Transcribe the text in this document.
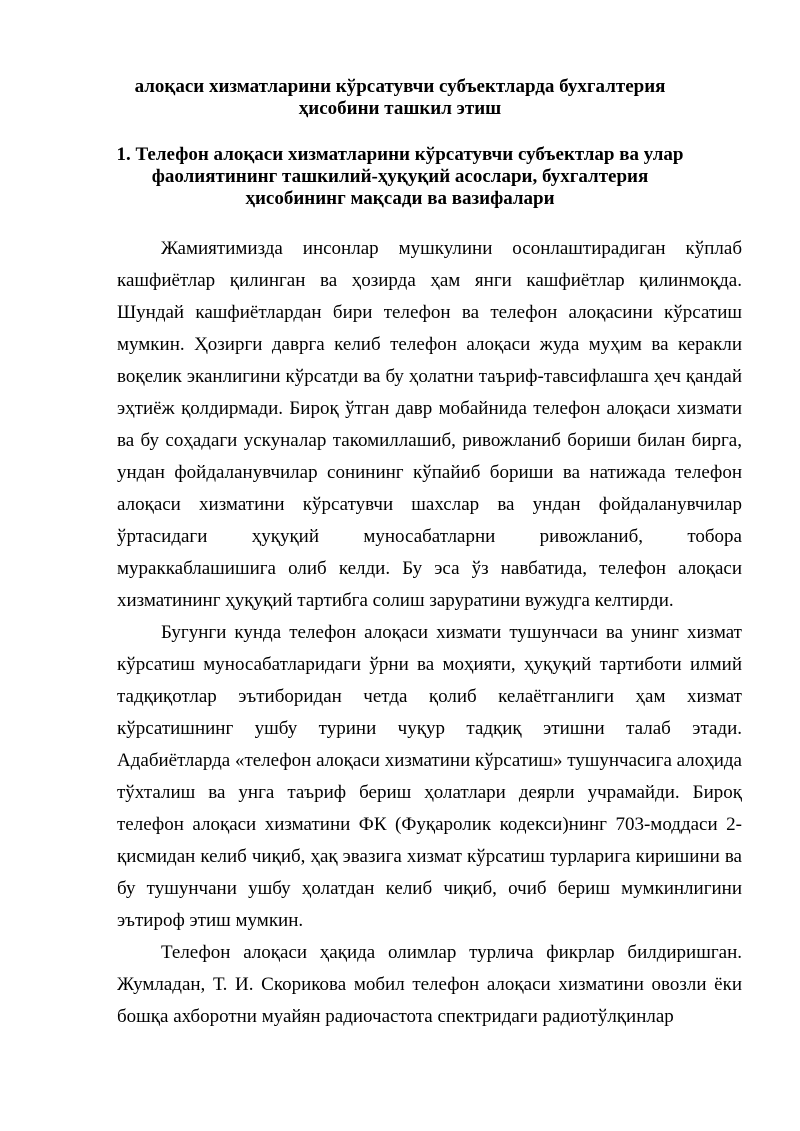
алоқаси хизматларини кўрсатувчи субъектларда бухгалтерия ҳисобини ташкил этиш
1. Телефон алоқаси хизматларини кўрсатувчи субъектлар ва улар фаолиятининг ташкилий-ҳуқуқий асослари, бухгалтерия ҳисобининг мақсади ва вазифалари

Жамиятимизда инсонлар мушкулини осонлаштирадиган кўплаб кашфиётлар қилинган ва ҳозирда ҳам янги кашфиётлар қилинмоқда. Шундай кашфиётлардан бири телефон ва телефон алоқасини кўрсатиш мумкин. Ҳозирги даврга келиб телефон алоқаси жуда муҳим ва керакли воқелик эканлигини кўрсатди ва бу ҳолатни таъриф-тавсифлашга ҳеч қандай эҳтиёж қолдирмади. Бироқ ўтган давр мобайнида телефон алоқаси хизмати ва бу соҳадаги ускуналар такомиллашиб, ривожланиб бориши билан бирга, ундан фойдаланувчилар сонининг кўпайиб бориши ва натижада телефон алоқаси хизматини кўрсатувчи шахслар ва ундан фойдаланувчилар ўртасидаги ҳуқуқий муносабатларни ривожланиб, тобора мураккаблашишига олиб келди. Бу эса ўз навбатида, телефон алоқаси хизматининг ҳуқуқий тартибга солиш заруратини вужудга келтирди.

Бугунги кунда телефон алоқаси хизмати тушунчаси ва унинг хизмат кўрсатиш муносабатларидаги ўрни ва моҳияти, ҳуқуқий тартиботи илмий тадқиқотлар эътиборидан четда қолиб келаётганлиги ҳам хизмат кўрсатишнинг ушбу турини чуқур тадқиқ этишни талаб этади. Адабиётларда «телефон алоқаси хизматини кўрсатиш» тушунчасига алоҳида тўхталиш ва унга таъриф бериш ҳолатлари деярли учрамайди. Бироқ телефон алоқаси хизматини ФК (Фуқаролик кодекси)нинг 703-моддаси 2-қисмидан келиб чиқиб, ҳақ эвазига хизмат кўрсатиш турларига киришини ва бу тушунчани ушбу ҳолатдан келиб чиқиб, очиб бериш мумкинлигини эътироф этиш мумкин.

Телефон алоқаси ҳақида олимлар турлича фикрлар билдиришган. Жумладан, Т. И. Скорикова мобил телефон алоқаси хизматини овозли ёки бошқа ахборотни муайян радиочастота спектридаги радиотўлқинлар
